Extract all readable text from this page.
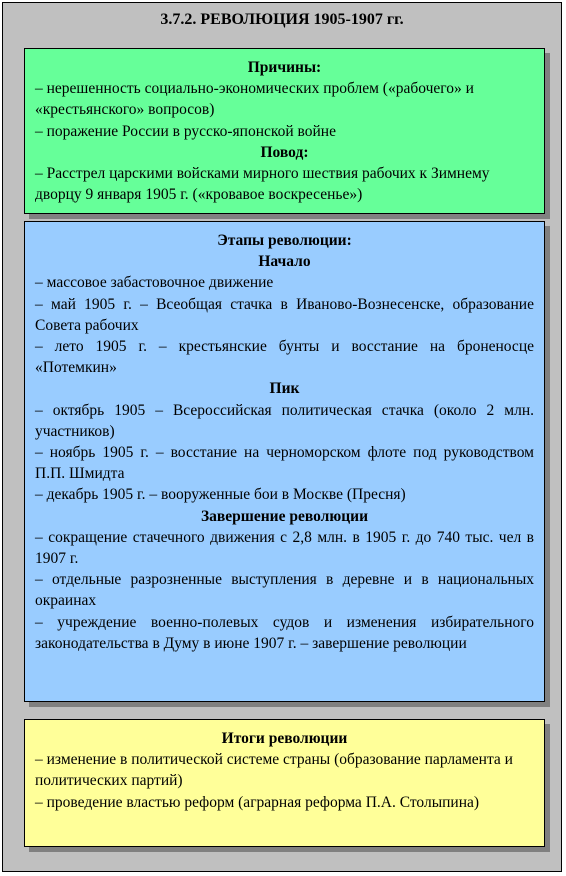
3.7.2. РЕВОЛЮЦИЯ 1905-1907 гг.

Причины:

– нерешенность социально-экономических проблем («рабочего» и «крестьянского» вопросов)

– поражение России в русско-японской войне

Повод:

– Расстрел царскими войсками мирного шествия рабочих к Зимнему дворцу 9 января 1905 г. («кровавое воскресенье»)

Этапы революции:

Начало

– массовое забастовочное движение

– май 1905 г. – Всеобщая стачка в Иваново-Вознесенске, образование Совета рабочих

– лето 1905 г. – крестьянские бунты и восстание на броненосце «Потемкин»

Пик

– октябрь 1905 – Всероссийская политическая стачка (около 2 млн. участников)

– ноябрь 1905 г. – восстание на черноморском флоте под руководством П.П. Шмидта

– декабрь 1905 г. – вооруженные бои в Москве (Пресня)

Завершение революции

– сокращение стачечного движения с 2,8 млн. в 1905 г. до 740 тыс. чел в 1907 г.

– отдельные разрозненные выступления в деревне и в национальных окраинах

– учреждение военно-полевых судов и изменения избирательного законодательства в Думу в июне 1907 г. – завершение революции

Итоги революции

– изменение в политической системе страны (образование парламента и политических партий)

– проведение властью реформ (аграрная реформа П.А. Столыпина)
